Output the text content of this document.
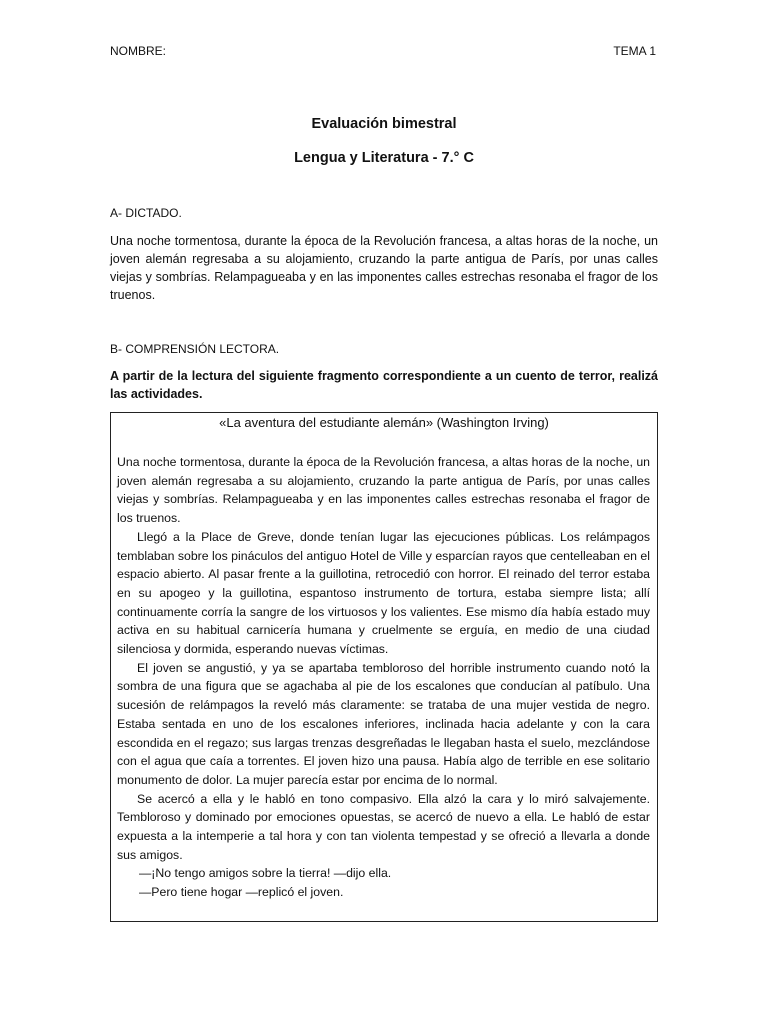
NOMBRE:	TEMA 1
Evaluación bimestral
Lengua y Literatura - 7.° C
A- DICTADO.

Una noche tormentosa, durante la época de la Revolución francesa, a altas horas de la noche, un joven alemán regresaba a su alojamiento, cruzando la parte antigua de París, por unas calles viejas y sombrías. Relampagueaba y en las imponentes calles estrechas resonaba el fragor de los truenos.

B- COMPRENSIÓN LECTORA.

A partir de la lectura del siguiente fragmento correspondiente a un cuento de terror, realizá las actividades.

«La aventura del estudiante alemán» (Washington Irving)

Una noche tormentosa, durante la época de la Revolución francesa, a altas horas de la noche, un joven alemán regresaba a su alojamiento, cruzando la parte antigua de París, por unas calles viejas y sombrías. Relampagueaba y en las imponentes calles estrechas resonaba el fragor de los truenos.

Llegó a la Place de Greve, donde tenían lugar las ejecuciones públicas. Los relámpagos temblaban sobre los pináculos del antiguo Hotel de Ville y esparcían rayos que centelleaban en el espacio abierto. Al pasar frente a la guillotina, retrocedió con horror. El reinado del terror estaba en su apogeo y la guillotina, espantoso instrumento de tortura, estaba siempre lista; allí continuamente corría la sangre de los virtuosos y los valientes. Ese mismo día había estado muy activa en su habitual carnicería humana y cruelmente se erguía, en medio de una ciudad silenciosa y dormida, esperando nuevas víctimas.

El joven se angustió, y ya se apartaba tembloroso del horrible instrumento cuando notó la sombra de una figura que se agachaba al pie de los escalones que conducían al patíbulo. Una sucesión de relámpagos la reveló más claramente: se trataba de una mujer vestida de negro. Estaba sentada en uno de los escalones inferiores, inclinada hacia adelante y con la cara escondida en el regazo; sus largas trenzas desgreñadas le llegaban hasta el suelo, mezclándose con el agua que caía a torrentes. El joven hizo una pausa. Había algo de terrible en ese solitario monumento de dolor. La mujer parecía estar por encima de lo normal.

Se acercó a ella y le habló en tono compasivo. Ella alzó la cara y lo miró salvajemente. Tembloroso y dominado por emociones opuestas, se acercó de nuevo a ella. Le habló de estar expuesta a la intemperie a tal hora y con tan violenta tempestad y se ofreció a llevarla a donde sus amigos.

—¡No tengo amigos sobre la tierra! —dijo ella.

—Pero tiene hogar —replicó el joven.
